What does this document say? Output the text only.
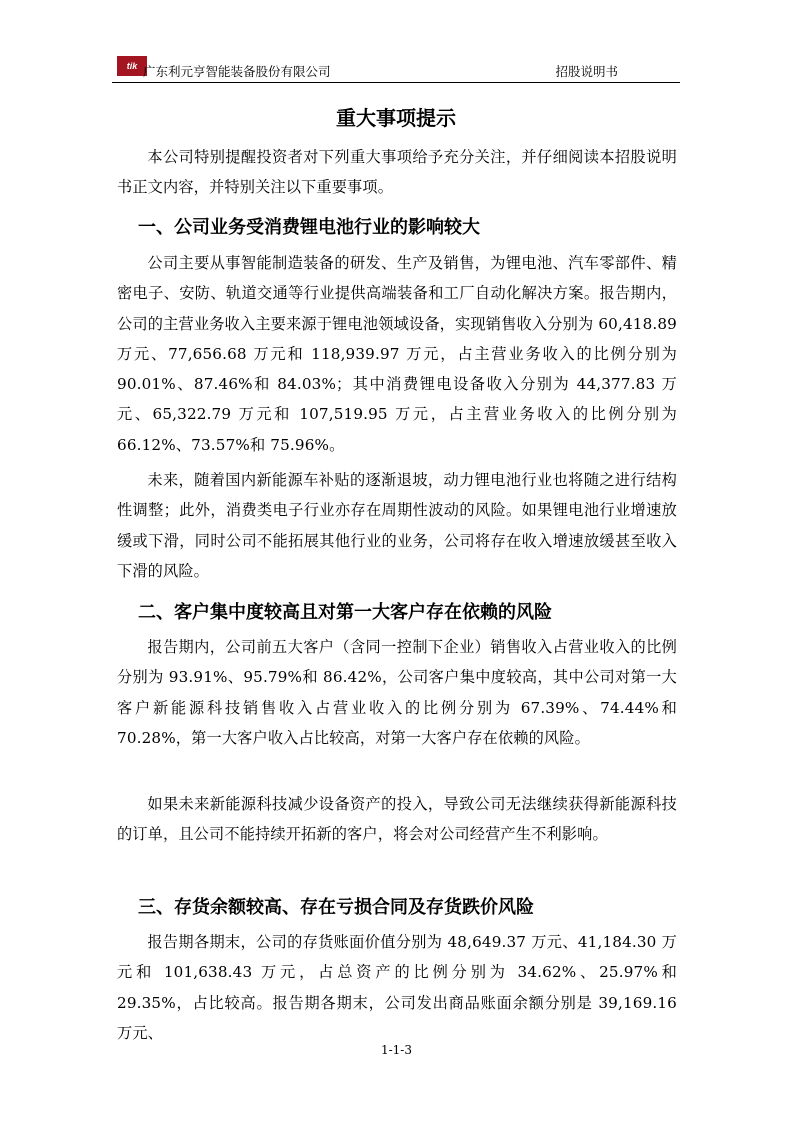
tik 广东利元亨智能装备股份有限公司	招股说明书
重大事项提示

本公司特别提醒投资者对下列重大事项给予充分关注，并仔细阅读本招股说明书正文内容，并特别关注以下重要事项。

一、公司业务受消费锂电池行业的影响较大

公司主要从事智能制造装备的研发、生产及销售，为锂电池、汽车零部件、精密电子、安防、轨道交通等行业提供高端装备和工厂自动化解决方案。报告期内，公司的主营业务收入主要来源于锂电池领域设备，实现销售收入分别为 60,418.89 万元、77,656.68 万元和 118,939.97 万元，占主营业务收入的比例分别为 90.01%、87.46%和 84.03%；其中消费锂电设备收入分别为 44,377.83 万元、65,322.79 万元和 107,519.95 万元，占主营业务收入的比例分别为 66.12%、73.57%和 75.96%。

未来，随着国内新能源车补贴的逐渐退坡，动力锂电池行业也将随之进行结构性调整；此外，消费类电子行业亦存在周期性波动的风险。如果锂电池行业增速放缓或下滑，同时公司不能拓展其他行业的业务，公司将存在收入增速放缓甚至收入下滑的风险。

二、客户集中度较高且对第一大客户存在依赖的风险

报告期内，公司前五大客户（含同一控制下企业）销售收入占营业收入的比例分别为 93.91%、95.79%和 86.42%，公司客户集中度较高，其中公司对第一大客户新能源科技销售收入占营业收入的比例分别为 67.39%、74.44%和 70.28%，第一大客户收入占比较高，对第一大客户存在依赖的风险。

如果未来新能源科技减少设备资产的投入，导致公司无法继续获得新能源科技的订单，且公司不能持续开拓新的客户，将会对公司经营产生不利影响。

三、存货余额较高、存在亏损合同及存货跌价风险

报告期各期末，公司的存货账面价值分别为 48,649.37 万元、41,184.30 万元和 101,638.43 万元，占总资产的比例分别为 34.62%、25.97%和 29.35%，占比较高。报告期各期末，公司发出商品账面余额分别是 39,169.16 万元、

1-1-3
